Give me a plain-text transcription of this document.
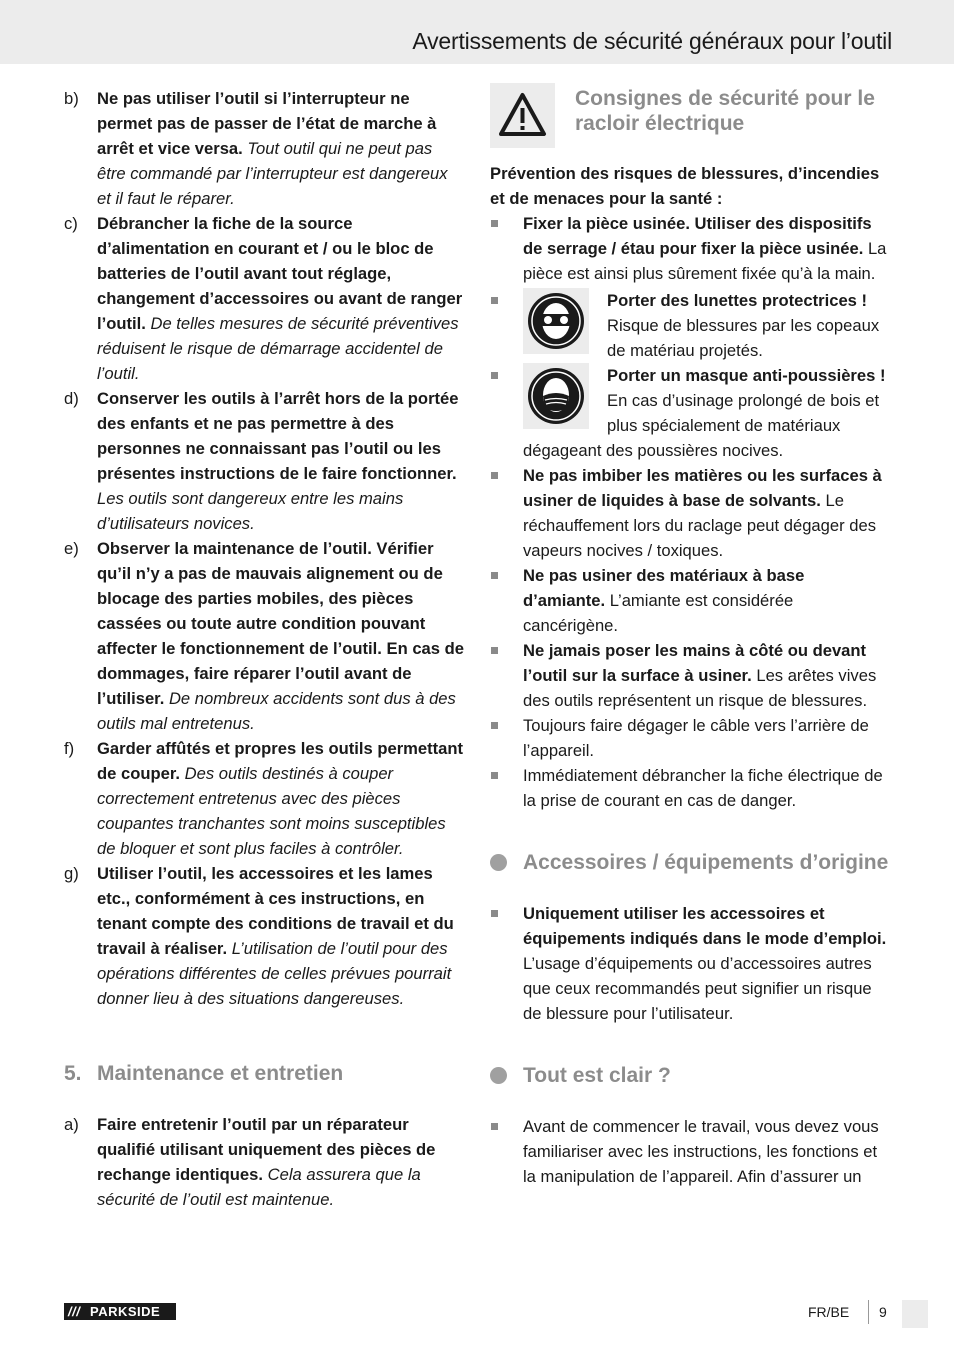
Avertissements de sécurité généraux pour l’outil
b) Ne pas utiliser l’outil si l’interrupteur ne permet pas de passer de l’état de marche à arrêt et vice versa. Tout outil qui ne peut pas être commandé par l’interrupteur est dangereux et il faut le réparer.
c) Débrancher la fiche de la source d’alimentation en courant et / ou le bloc de batteries de l’outil avant tout réglage, changement d’accessoires ou avant de ranger l’outil. De telles mesures de sécurité préventives réduisent le risque de démarrage accidentel de l’outil.
d) Conserver les outils à l’arrêt hors de la portée des enfants et ne pas permettre à des personnes ne connaissant pas l’outil ou les présentes instructions de le faire fonctionner. Les outils sont dangereux entre les mains d’utilisateurs novices.
e) Observer la maintenance de l’outil. Vérifier qu’il n’y a pas de mauvais alignement ou de blocage des parties mobiles, des pièces cassées ou toute autre condition pouvant affecter le fonctionnement de l’outil. En cas de dommages, faire réparer l’outil avant de l’utiliser. De nombreux accidents sont dus à des outils mal entretenus.
f) Garder affûtés et propres les outils permettant de couper. Des outils destinés à couper correctement entretenus avec des pièces coupantes tranchantes sont moins susceptibles de bloquer et sont plus faciles à contrôler.
g) Utiliser l’outil, les accessoires et les lames etc., conformément à ces instructions, en tenant compte des conditions de travail et du travail à réaliser. L’utilisation de l’outil pour des opérations différentes de celles prévues pourrait donner lieu à des situations dangereuses.
5. Maintenance et entretien
a) Faire entretenir l’outil par un réparateur qualifié utilisant uniquement des pièces de rechange identiques. Cela assurera que la sécurité de l’outil est maintenue.
Consignes de sécurité pour le racloir électrique
Prévention des risques de blessures, d’incendies et de menaces pour la santé :
Fixer la pièce usinée. Utiliser des dispositifs de serrage / étau pour fixer la pièce usinée. La pièce est ainsi plus sûrement fixée qu’à la main.
Porter des lunettes protectrices ! Risque de blessures par les copeaux de matériau projetés.
Porter un masque anti-poussières ! En cas d’usinage prolongé de bois et plus spécialement de matériaux dégageant des poussières nocives.
Ne pas imbiber les matières ou les surfaces à usiner de liquides à base de solvants. Le réchauffement lors du raclage peut dégager des vapeurs nocives / toxiques.
Ne pas usiner des matériaux à base d’amiante. L’amiante est considérée cancérigène.
Ne jamais poser les mains à côté ou devant l’outil sur la surface à usiner. Les arêtes vives des outils représentent un risque de blessures.
Toujours faire dégager le câble vers l’arrière de l’appareil.
Immédiatement débrancher la fiche électrique de la prise de courant en cas de danger.
Accessoires / équipements d’origine
Uniquement utiliser les accessoires et équipements indiqués dans le mode d’emploi. L’usage d’équipements ou d’accessoires autres que ceux recommandés peut signifier un risque de blessure pour l’utilisateur.
Tout est clair ?
Avant de commencer le travail, vous devez vous familiariser avec les instructions, les fonctions et la manipulation de l’appareil. Afin d’assurer un
/// PARKSIDE	FR/BE 9
